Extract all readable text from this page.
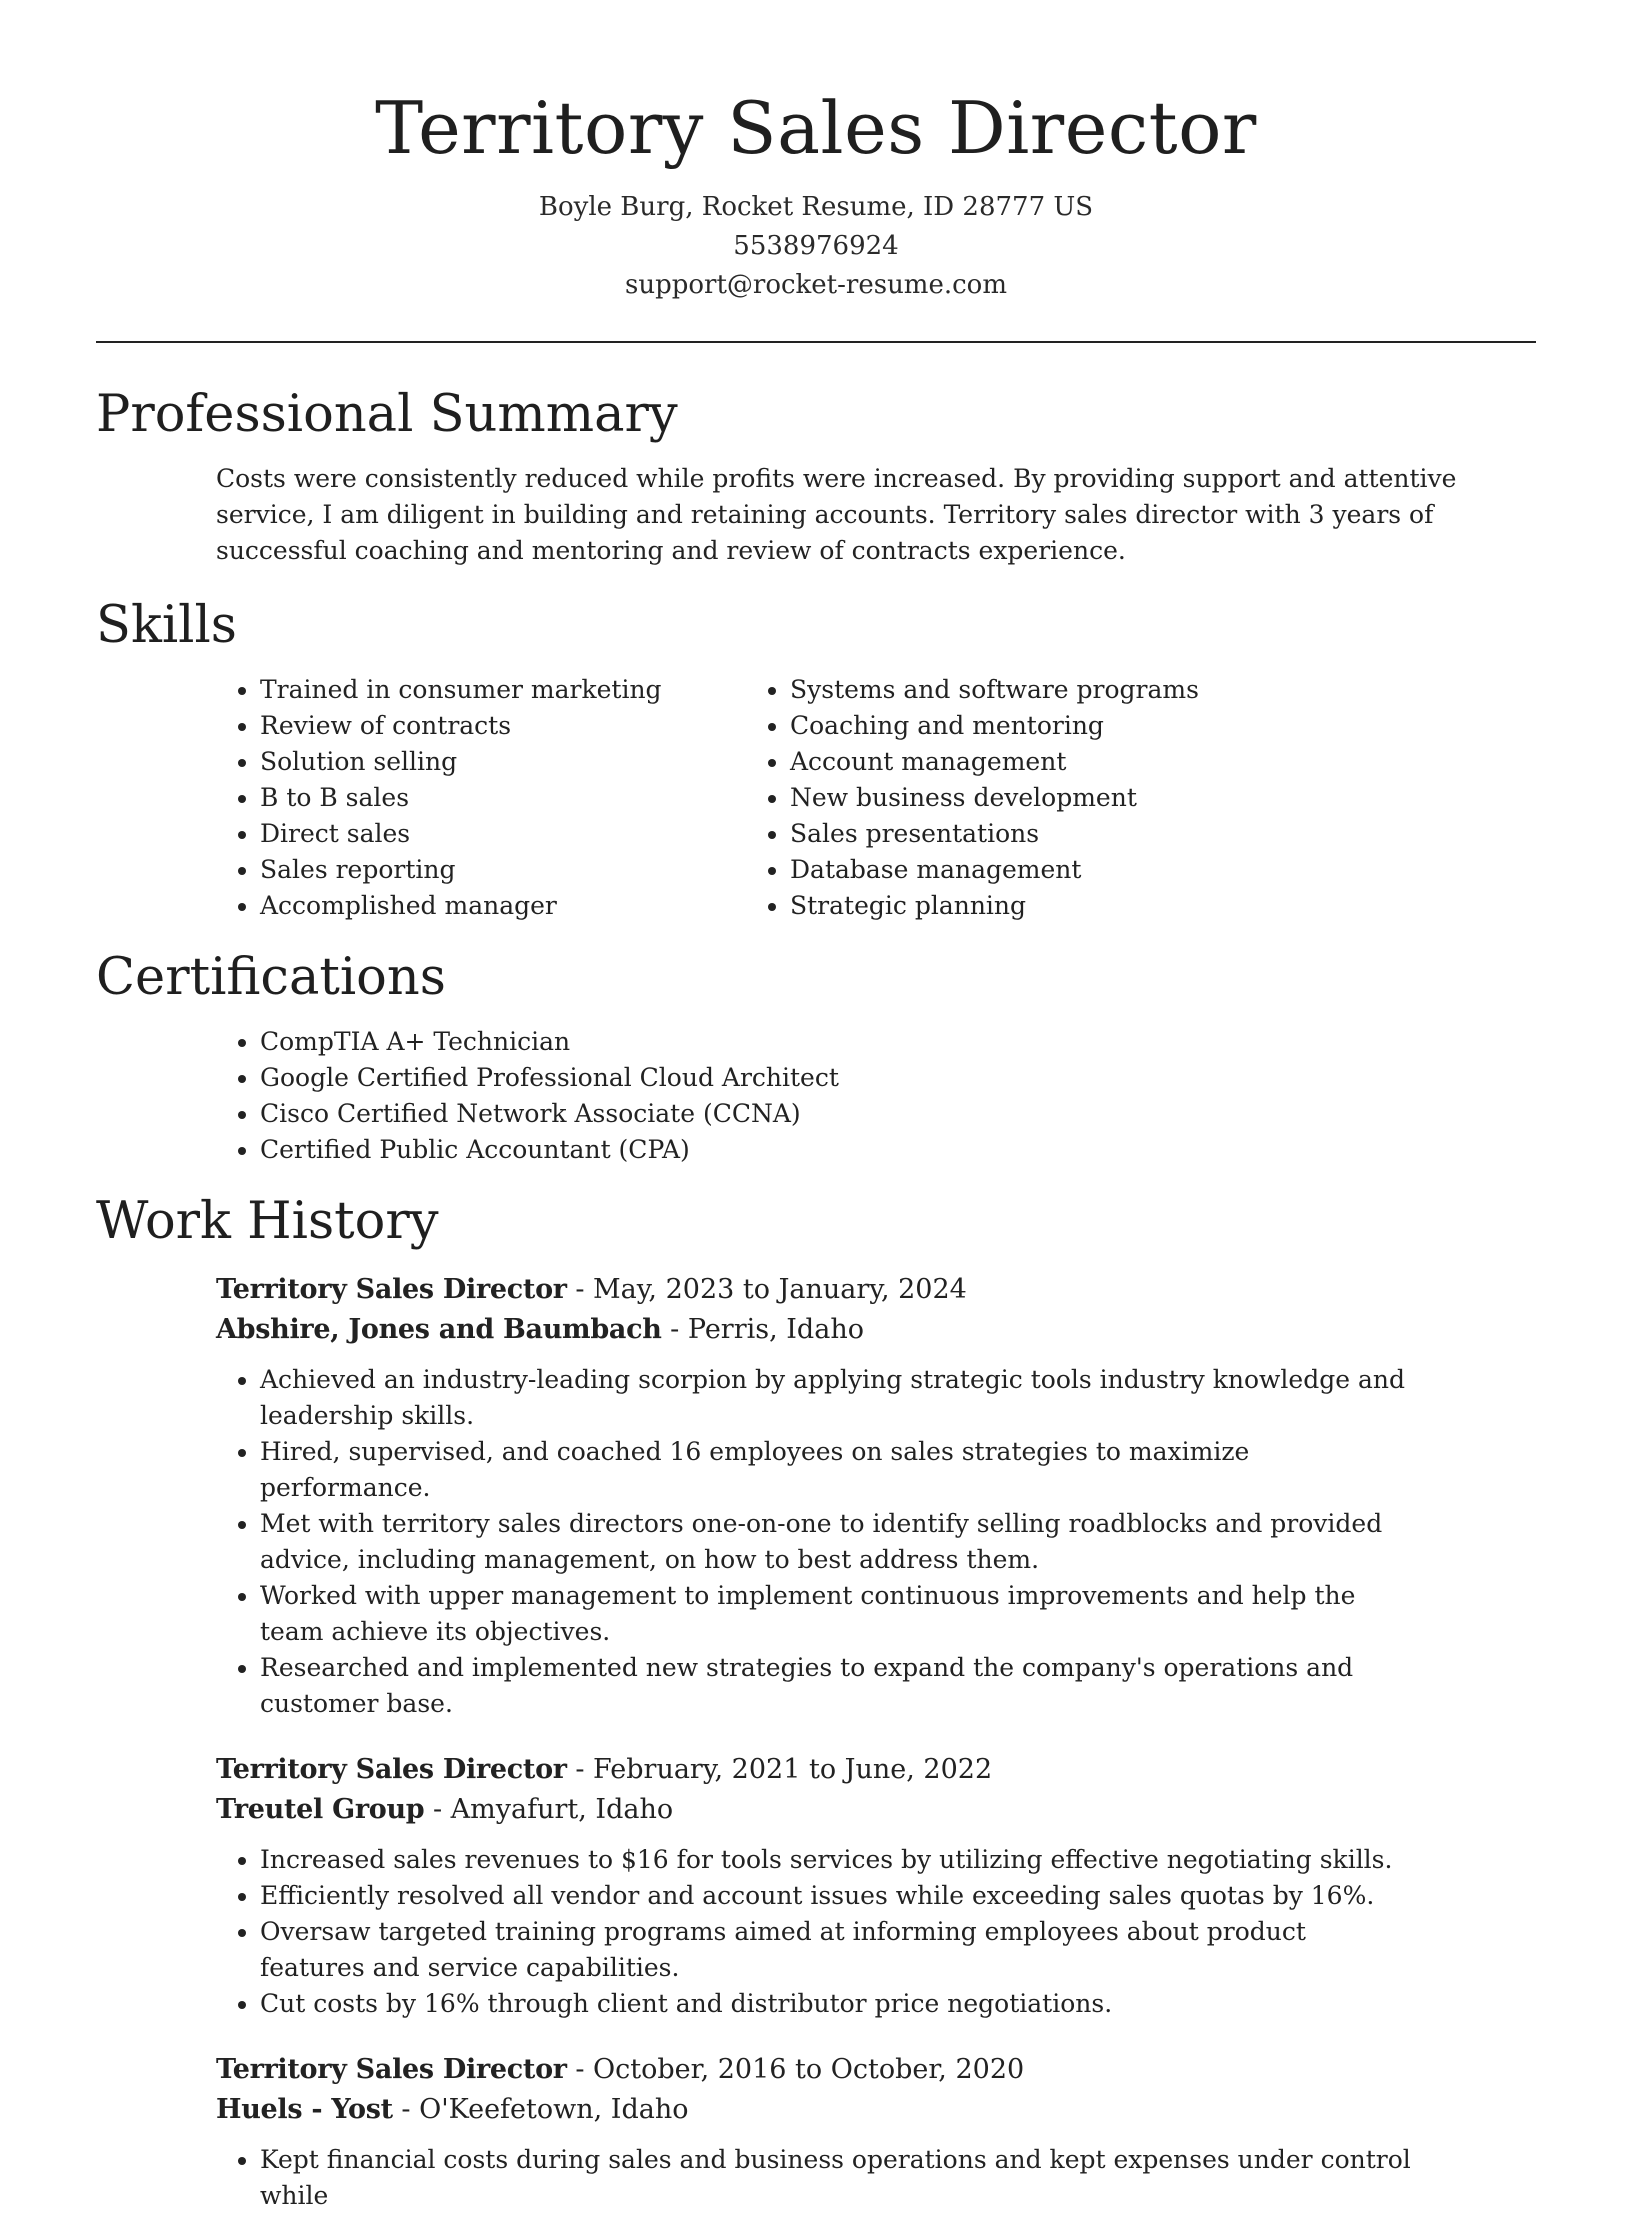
Territory Sales Director
Boyle Burg, Rocket Resume, ID 28777 US
5538976924
support@rocket-resume.com
Professional Summary

Costs were consistently reduced while profits were increased. By providing support and attentive service, I am diligent in building and retaining accounts. Territory sales director with 3 years of successful coaching and mentoring and review of contracts experience.

Skills
• Trained in consumer marketing
• Review of contracts
• Solution selling
• B to B sales
• Direct sales
• Sales reporting
• Accomplished manager
• Systems and software programs
• Coaching and mentoring
• Account management
• New business development
• Sales presentations
• Database management
• Strategic planning
Certifications
• CompTIA A+ Technician
• Google Certified Professional Cloud Architect
• Cisco Certified Network Associate (CCNA)
• Certified Public Accountant (CPA)
Work History
Territory Sales Director - May, 2023 to January, 2024
Abshire, Jones and Baumbach - Perris, Idaho
• Achieved an industry-leading scorpion by applying strategic tools industry knowledge and leadership skills.
• Hired, supervised, and coached 16 employees on sales strategies to maximize performance.
• Met with territory sales directors one-on-one to identify selling roadblocks and provided advice, including management, on how to best address them.
• Worked with upper management to implement continuous improvements and help the team achieve its objectives.
• Researched and implemented new strategies to expand the company's operations and customer base.
Territory Sales Director - February, 2021 to June, 2022
Treutel Group - Amyafurt, Idaho
• Increased sales revenues to $16 for tools services by utilizing effective negotiating skills.
• Efficiently resolved all vendor and account issues while exceeding sales quotas by 16%.
• Oversaw targeted training programs aimed at informing employees about product features and service capabilities.
• Cut costs by 16% through client and distributor price negotiations.
Territory Sales Director - October, 2016 to October, 2020
Huels - Yost - O'Keefetown, Idaho
• Kept financial costs during sales and business operations and kept expenses under control while
